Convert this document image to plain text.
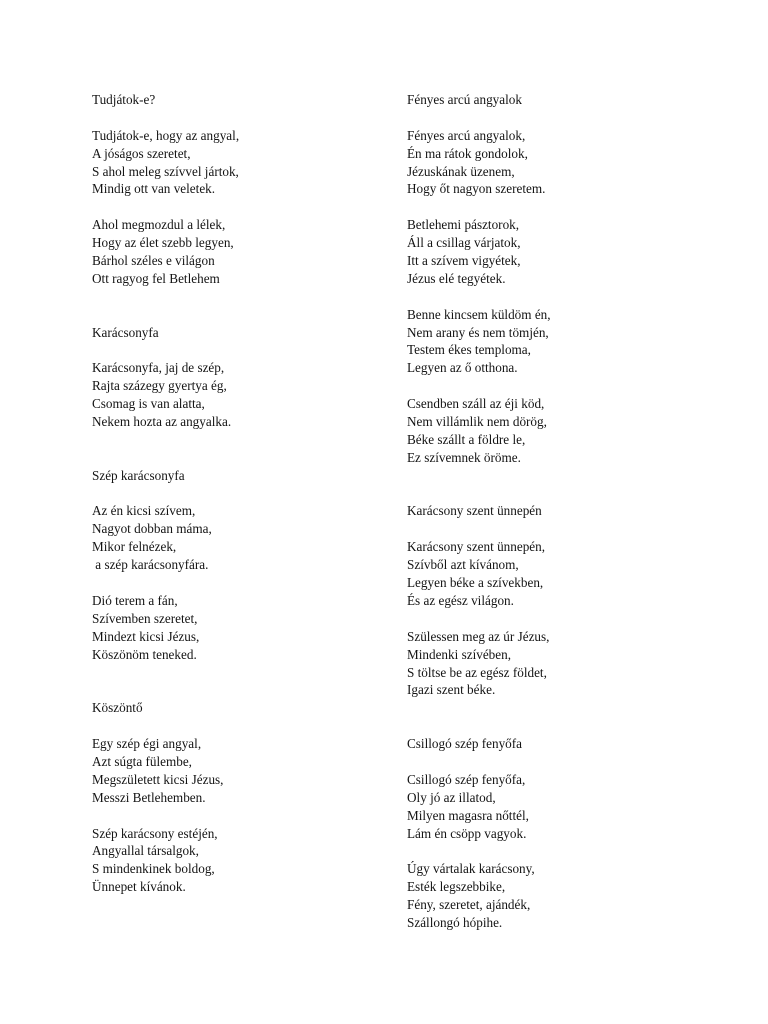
Tudjátok-e?
Tudjátok-e, hogy az angyal,
A jóságos szeretet,
S ahol meleg szívvel jártok,
Mindig ott van veletek.
Ahol megmozdul a lélek,
Hogy az élet szebb legyen,
Bárhol széles e világon
Ott ragyog fel Betlehem
Karácsonyfa
Karácsonyfa, jaj de szép,
Rajta százegy gyertya ég,
Csomag is van alatta,
Nekem hozta az angyalka.
Szép karácsonyfa
Az én kicsi szívem,
Nagyot dobban máma,
Mikor felnézek,
a szép karácsonyfára.
Dió terem a fán,
Szívemben szeretet,
Mindezt kicsi Jézus,
Köszönöm teneked.
Köszöntő
Egy szép égi angyal,
Azt súgta fülembe,
Megszületett kicsi Jézus,
Messzi Betlehemben.
Szép karácsony estéjén,
Angyallal társalgok,
S mindenkinek boldog,
Ünnepet kívánok.
Fényes arcú angyalok
Fényes arcú angyalok,
Én ma rátok gondolok,
Jézuskának üzenem,
Hogy őt nagyon szeretem.
Betlehemi pásztorok,
Áll a csillag várjatok,
Itt a szívem vigyétek,
Jézus elé tegyétek.
Benne kincsem küldöm én,
Nem arany és nem tömjén,
Testem ékes temploma,
Legyen az ő otthona.
Csendben száll az éji köd,
Nem villámlik nem dörög,
Béke szállt a földre le,
Ez szívemnek öröme.
Karácsony szent ünnepén
Karácsony szent ünnepén,
Szívből azt kívánom,
Legyen béke a szívekben,
És az egész világon.
Szülessen meg az úr Jézus,
Mindenki szívében,
S töltse be az egész földet,
Igazi szent béke.
Csillogó szép fenyőfa
Csillogó szép fenyőfa,
Oly jó az illatod,
Milyen magasra nőttél,
Lám én csöpp vagyok.
Úgy vártalak karácsony,
Esték legszebbike,
Fény, szeretet, ajándék,
Szállongó hópihe.
